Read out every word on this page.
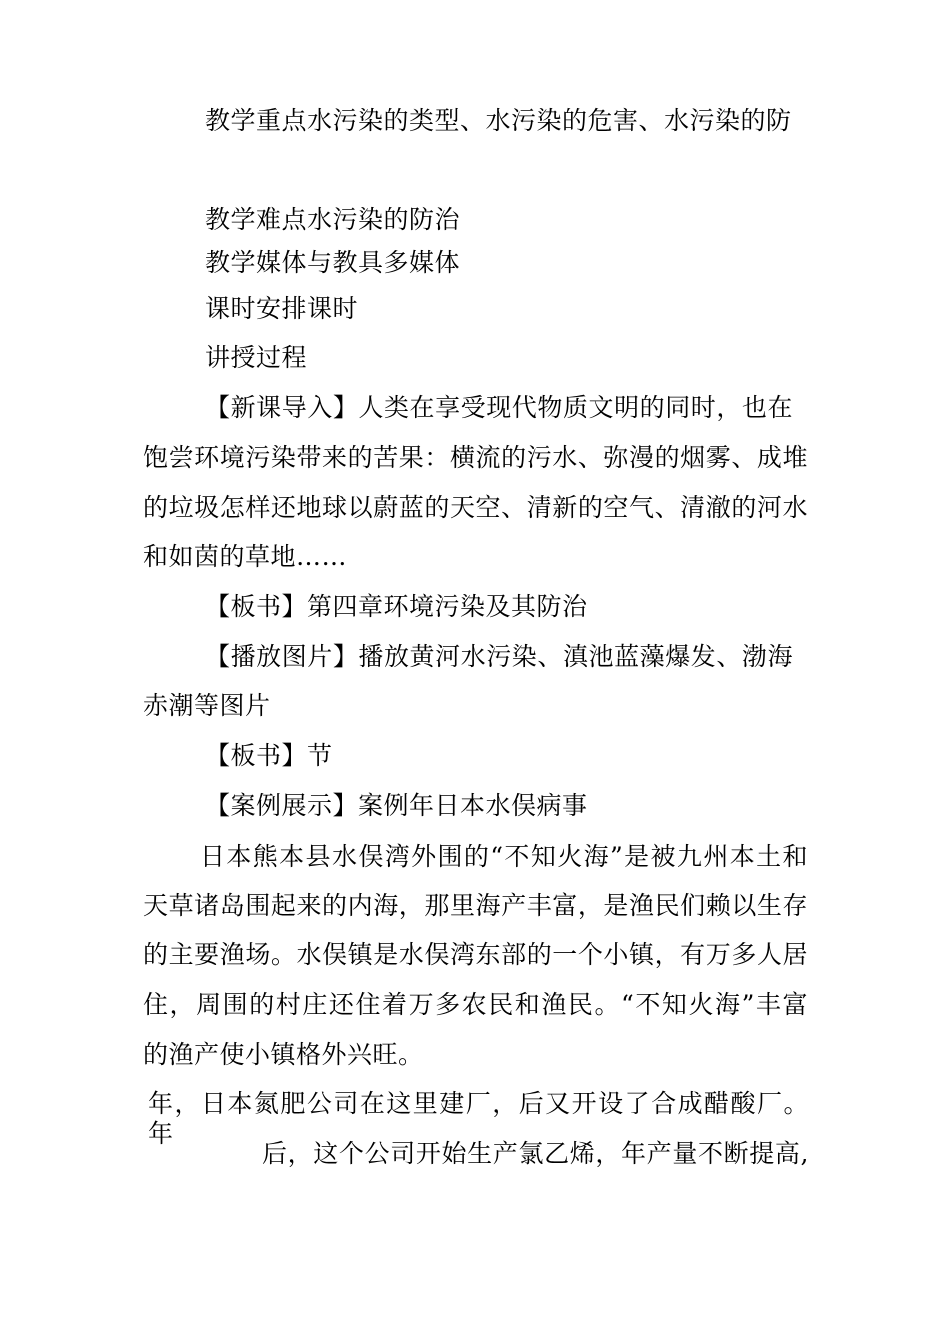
教学重点水污染的类型、水污染的危害、水污染的防
教学难点水污染的防治
教学媒体与教具多媒体
课时安排课时
讲授过程
【新课导入】人类在享受现代物质文明的同时，也在
饱尝环境污染带来的苦果：横流的污水、弥漫的烟雾、成堆
的垃圾怎样还地球以蔚蓝的天空、清新的空气、清澈的河水
和如茵的草地……
【板书】第四章环境污染及其防治
【播放图片】播放黄河水污染、滇池蓝藻爆发、渤海
赤潮等图片
【板书】节
【案例展示】案例年日本水俣病事
日本熊本县水俣湾外围的“不知火海”是被九州本土和
天草诸岛围起来的内海，那里海产丰富，是渔民们赖以生存
的主要渔场。水俣镇是水俣湾东部的一个小镇，有万多人居
住，周围的村庄还住着万多农民和渔民。“不知火海”丰富
的渔产使小镇格外兴旺。
年，日本氮肥公司在这里建厂，后又开设了合成醋酸厂。年
后，这个公司开始生产氯乙烯，年产量不断提高,
